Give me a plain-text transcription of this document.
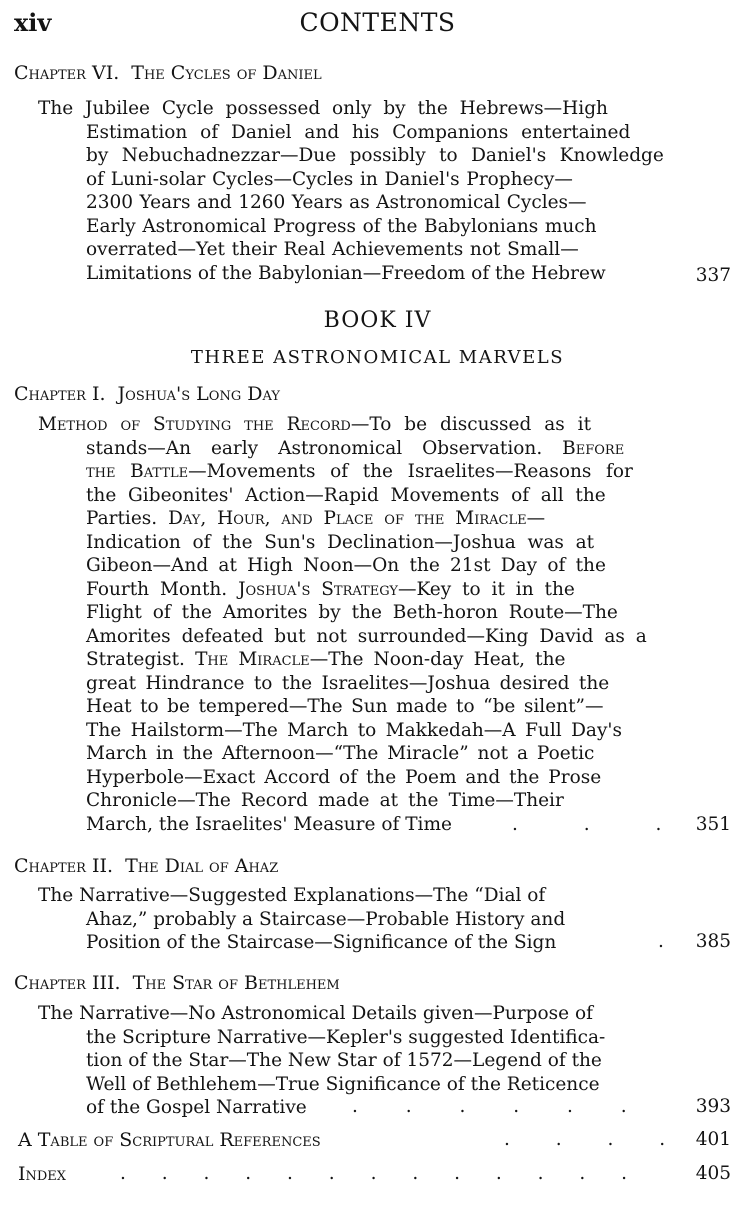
xiv	CONTENTS
Chapter VI. The Cycles of Daniel
The Jubilee Cycle possessed only by the Hebrews—High
Estimation of Daniel and his Companions entertained
by Nebuchadnezzar—Due possibly to Daniel's Knowledge
of Luni-solar Cycles—Cycles in Daniel's Prophecy—
2300 Years and 1260 Years as Astronomical Cycles—
Early Astronomical Progress of the Babylonians much
overrated—Yet their Real Achievements not Small—
Limitations of the Babylonian—Freedom of the Hebrew	337
BOOK IV
THREE ASTRONOMICAL MARVELS
Chapter I. Joshua's Long Day
Method of Studying the Record—To be discussed as it
stands—An early Astronomical Observation. Before
the Battle—Movements of the Israelites—Reasons for
the Gibeonites' Action—Rapid Movements of all the
Parties. Day, Hour, and Place of the Miracle—
Indication of the Sun's Declination—Joshua was at
Gibeon—And at High Noon—On the 21st Day of the
Fourth Month. Joshua's Strategy—Key to it in the
Flight of the Amorites by the Beth-horon Route—The
Amorites defeated but not surrounded—King David as a
Strategist. The Miracle—The Noon-day Heat, the
great Hindrance to the Israelites—Joshua desired the
Heat to be tempered—The Sun made to “be silent”—
The Hailstorm—The March to Makkedah—A Full Day's
March in the Afternoon—“The Miracle” not a Poetic
Hyperbole—Exact Accord of the Poem and the Prose
Chronicle—The Record made at the Time—Their
March, the Israelites' Measure of Time	. . . 351
Chapter II. The Dial of Ahaz
The Narrative—Suggested Explanations—The “Dial of
Ahaz,” probably a Staircase—Probable History and
Position of the Staircase—Significance of the Sign	. 385
Chapter III. The Star of Bethlehem
The Narrative—No Astronomical Details given—Purpose of
the Scripture Narrative—Kepler's suggested Identifica-
tion of the Star—The New Star of 1572—Legend of the
Well of Bethlehem—True Significance of the Reticence
of the Gospel Narrative	. . . . . .	393
A Table of Scriptural References	. . . . 401
Index	. . . . . . . . . . . . .	405
